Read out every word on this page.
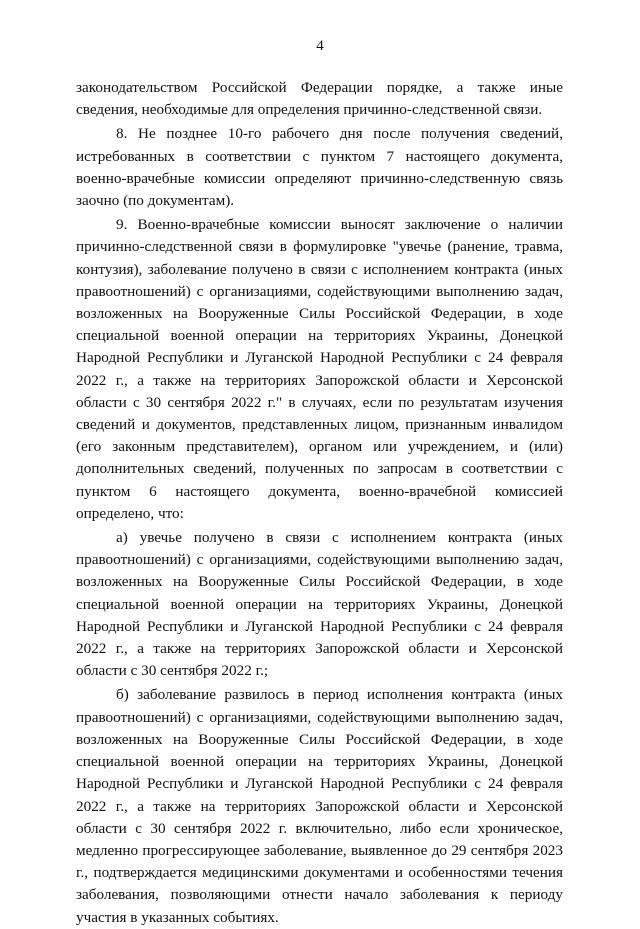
4

законодательством Российской Федерации порядке, а также иные сведения, необходимые для определения причинно-следственной связи.

8. Не позднее 10-го рабочего дня после получения сведений, истребованных в соответствии с пунктом 7 настоящего документа, военно-врачебные комиссии определяют причинно-следственную связь заочно (по документам).

9. Военно-врачебные комиссии выносят заключение о наличии причинно-следственной связи в формулировке "увечье (ранение, травма, контузия), заболевание получено в связи с исполнением контракта (иных правоотношений) с организациями, содействующими выполнению задач, возложенных на Вооруженные Силы Российской Федерации, в ходе специальной военной операции на территориях Украины, Донецкой Народной Республики и Луганской Народной Республики с 24 февраля 2022 г., а также на территориях Запорожской области и Херсонской области с 30 сентября 2022 г." в случаях, если по результатам изучения сведений и документов, представленных лицом, признанным инвалидом (его законным представителем), органом или учреждением, и (или) дополнительных сведений, полученных по запросам в соответствии с пунктом 6 настоящего документа, военно-врачебной комиссией определено, что:

а) увечье получено в связи с исполнением контракта (иных правоотношений) с организациями, содействующими выполнению задач, возложенных на Вооруженные Силы Российской Федерации, в ходе специальной военной операции на территориях Украины, Донецкой Народной Республики и Луганской Народной Республики с 24 февраля 2022 г., а также на территориях Запорожской области и Херсонской области с 30 сентября 2022 г.;

б) заболевание развилось в период исполнения контракта (иных правоотношений) с организациями, содействующими выполнению задач, возложенных на Вооруженные Силы Российской Федерации, в ходе специальной военной операции на территориях Украины, Донецкой Народной Республики и Луганской Народной Республики с 24 февраля 2022 г., а также на территориях Запорожской области и Херсонской области с 30 сентября 2022 г. включительно, либо если хроническое, медленно прогрессирующее заболевание, выявленное до 29 сентября 2023 г., подтверждается медицинскими документами и особенностями течения заболевания, позволяющими отнести начало заболевания к периоду участия в указанных событиях.
